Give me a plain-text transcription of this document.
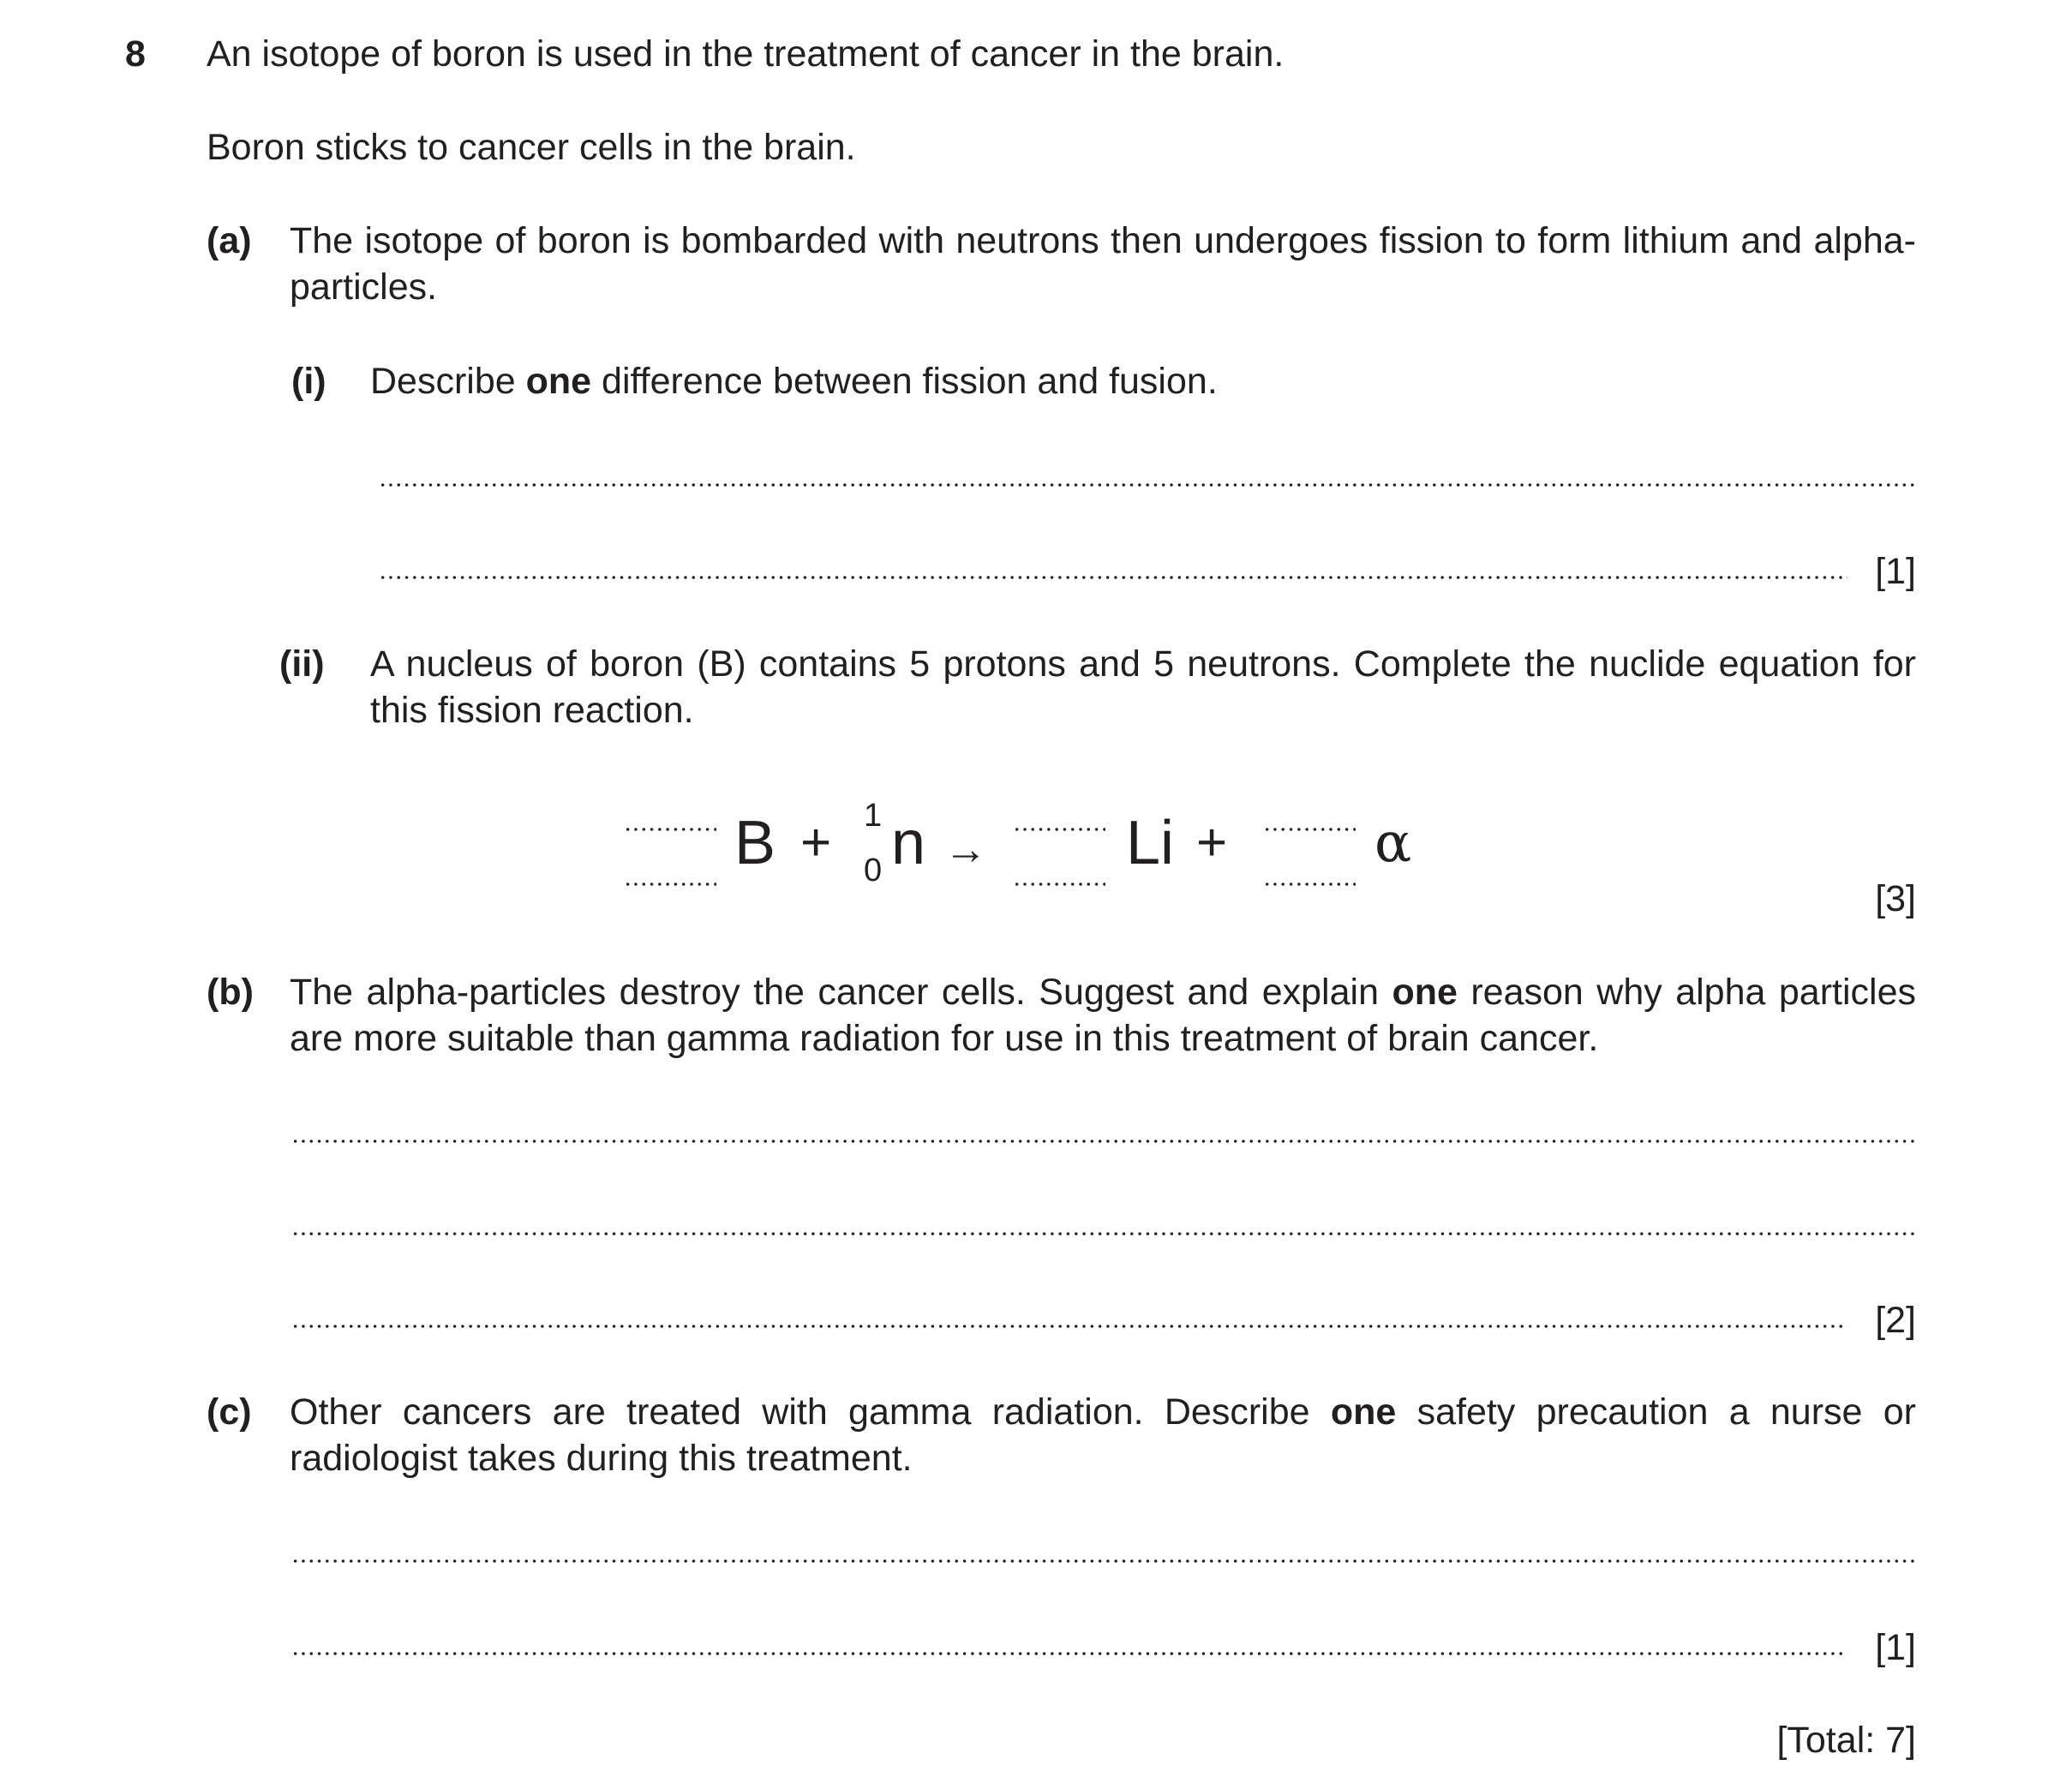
8 An isotope of boron is used in the treatment of cancer in the brain.
Boron sticks to cancer cells in the brain.
(a) The isotope of boron is bombarded with neutrons then undergoes fission to form lithium and alpha-particles.
(i) Describe one difference between fission and fusion.
[1]
(ii) A nucleus of boron (B) contains 5 protons and 5 neutrons. Complete the nuclide equation for this fission reaction.
B + 1
0 n → Li +	α
[3]
(b) The alpha-particles destroy the cancer cells. Suggest and explain one reason why alpha particles are more suitable than gamma radiation for use in this treatment of brain cancer.
[2]
(c) Other cancers are treated with gamma radiation. Describe one safety precaution a nurse or radiologist takes during this treatment.
[1]
[Total: 7]
